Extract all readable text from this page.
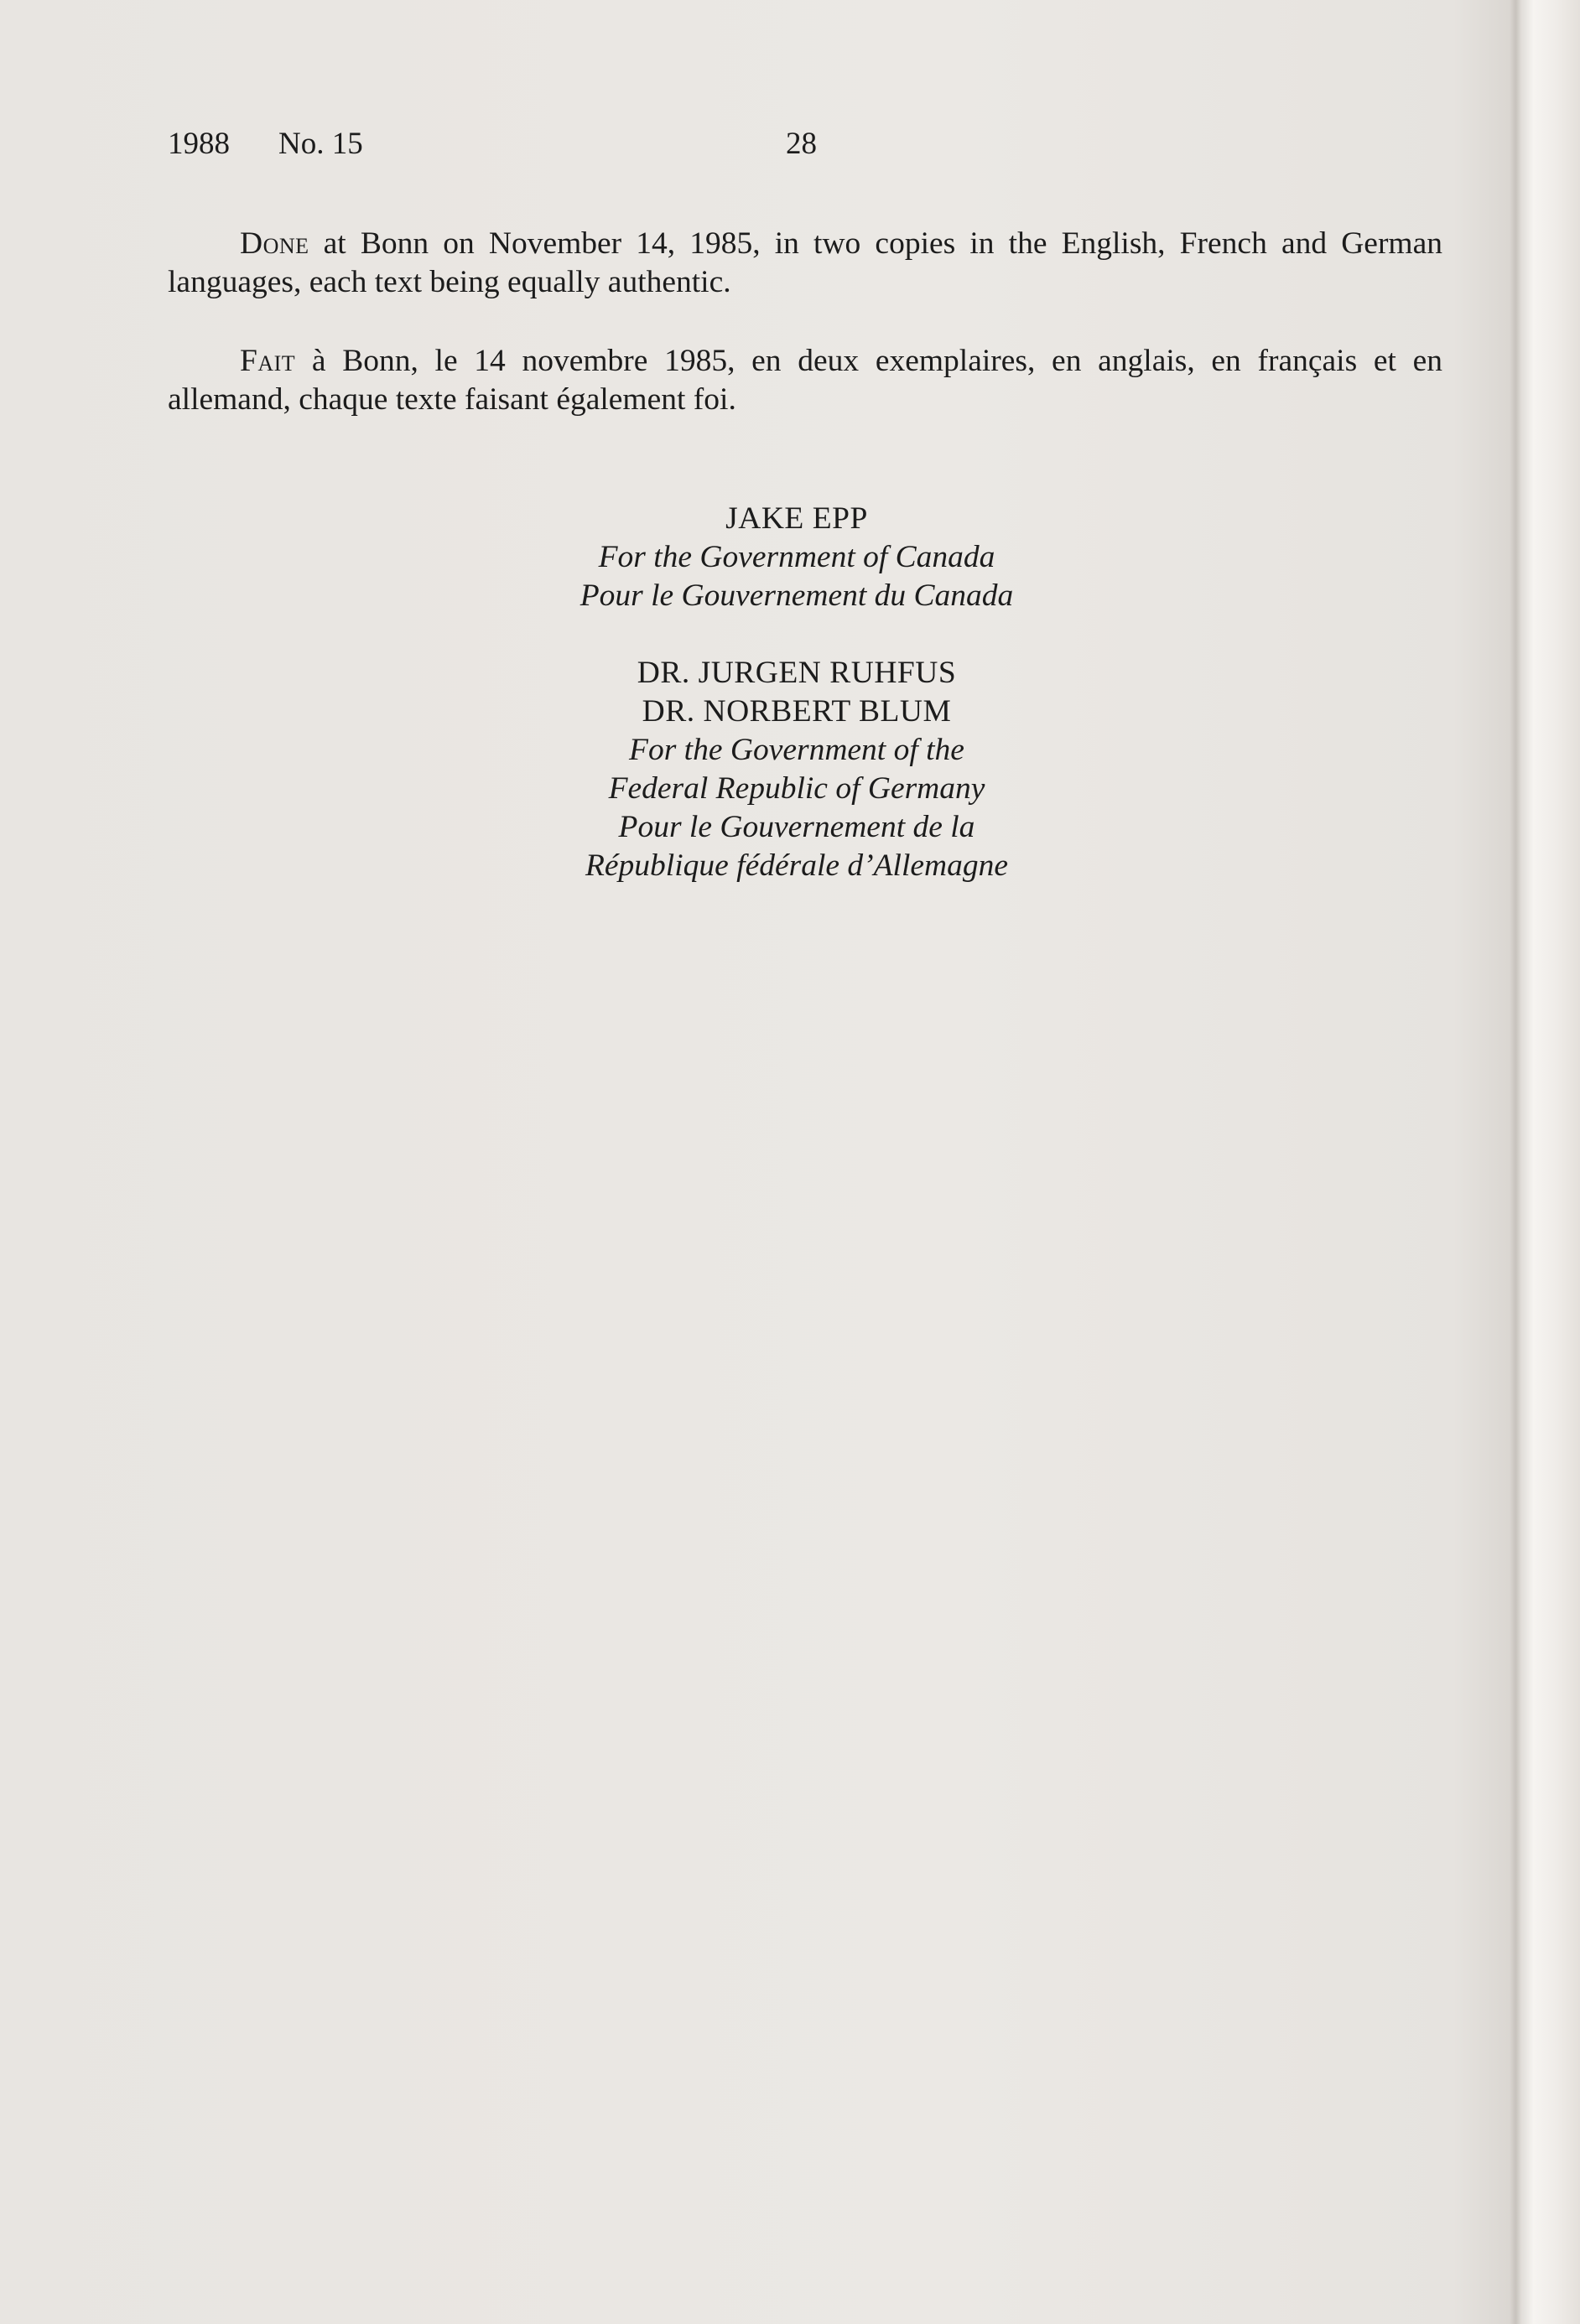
1988 No. 15	28

Done at Bonn on November 14, 1985, in two copies in the English, French and German languages, each text being equally authentic.

Fait à Bonn, le 14 novembre 1985, en deux exemplaires, en anglais, en français et en allemand, chaque texte faisant également foi.

JAKE EPP
For the Government of Canada
Pour le Gouvernement du Canada
DR. JURGEN RUHFUS
DR. NORBERT BLUM
For the Government of the
Federal Republic of Germany
Pour le Gouvernement de la
République fédérale d’Allemagne
